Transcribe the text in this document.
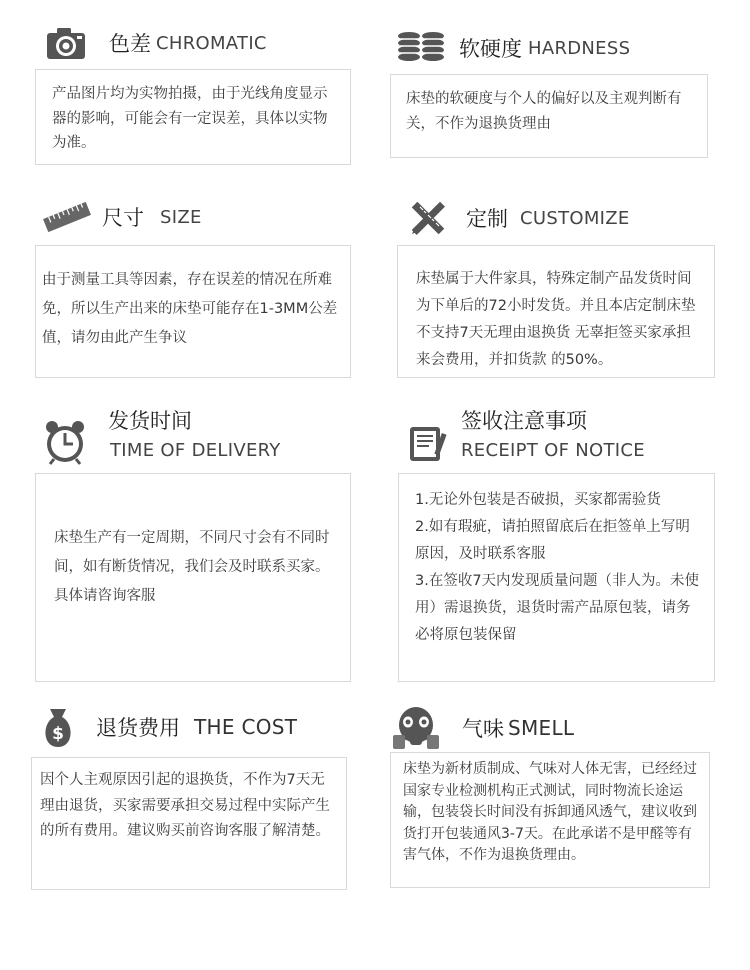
色差 CHROMATIC

产品图片均为实物拍摄，由于光线角度显示器的影响，可能会有一定误差，具体以实物为准。

软硬度 HARDNESS

床垫的软硬度与个人的偏好以及主观判断有关，不作为退换货理由

尺寸 SIZE

由于测量工具等因素，存在误差的情况在所难免，所以生产出来的床垫可能存在1-3MM公差值，请勿由此产生争议

定制 CUSTOMIZE

床垫属于大件家具，特殊定制产品发货时间为下单后的72小时发货。并且本店定制床垫不支持7天无理由退换货 无辜拒签买家承担来会费用，并扣货款 的50%。

发货时间
TIME OF DELIVERY

床垫生产有一定周期，不同尺寸会有不同时间，如有断货情况，我们会及时联系买家。具体请咨询客服

签收注意事项
RECEIPT OF NOTICE

1.无论外包装是否破损，买家都需验货
2.如有瑕疵，请拍照留底后在拒签单上写明原因，及时联系客服
3.在签收7天内发现质量问题（非人为。未使用）需退换货，退货时需产品原包装，请务必将原包装保留

$ 退货费用 THE COST

因个人主观原因引起的退换货，不作为7天无理由退货，买家需要承担交易过程中实际产生的所有费用。建议购买前咨询客服了解清楚。

气味 SMELL

床垫为新材质制成、气味对人体无害，已经经过国家专业检测机构正式测试，同时物流长途运输，包装袋长时间没有拆卸通风透气，建议收到货打开包装通风3-7天。在此承诺不是甲醛等有害气体，不作为退换货理由。
